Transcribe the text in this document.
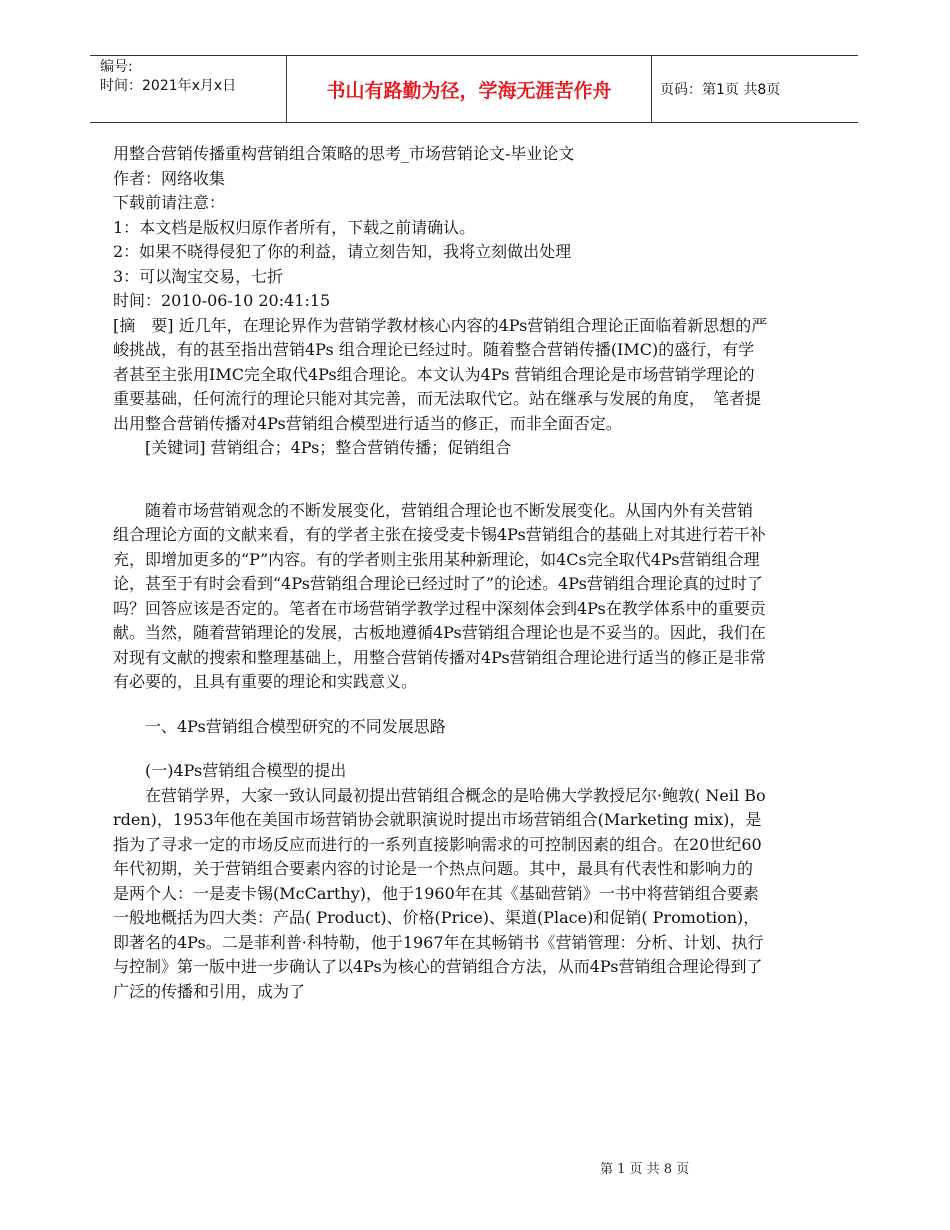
编号:
时间：2021年x月x日	书山有路勤为径，学海无涯苦作舟	页码：第1页 共8页

用整合营销传播重构营销组合策略的思考_市场营销论文-毕业论文

作者：网络收集

下载前请注意：

1：本文档是版权归原作者所有，下载之前请确认。

2：如果不晓得侵犯了你的利益，请立刻告知，我将立刻做出处理

3：可以淘宝交易，七折

时间：2010-06-10 20:41:15

[摘　要] 近几年，在理论界作为营销学教材核心内容的4Ps营销组合理论正面临着新思想的严峻挑战，有的甚至指出营销4Ps 组合理论已经过时。随着整合营销传播(IMC)的盛行，有学者甚至主张用IMC完全取代4Ps组合理论。本文认为4Ps 营销组合理论是市场营销学理论的重要基础，任何流行的理论只能对其完善，而无法取代它。站在继承与发展的角度，　笔者提出用整合营销传播对4Ps营销组合模型进行适当的修正，而非全面否定。

[关键词] 营销组合；4Ps；整合营销传播；促销组合

随着市场营销观念的不断发展变化，营销组合理论也不断发展变化。从国内外有关营销组合理论方面的文献来看，有的学者主张在接受麦卡锡4Ps营销组合的基础上对其进行若干补充，即增加更多的“P”内容。有的学者则主张用某种新理论，如4Cs完全取代4Ps营销组合理论，甚至于有时会看到“4Ps营销组合理论已经过时了”的论述。4Ps营销组合理论真的过时了吗？回答应该是否定的。笔者在市场营销学教学过程中深刻体会到4Ps在教学体系中的重要贡献。当然，随着营销理论的发展，古板地遵循4Ps营销组合理论也是不妥当的。因此，我们在对现有文献的搜索和整理基础上，用整合营销传播对4Ps营销组合理论进行适当的修正是非常有必要的，且具有重要的理论和实践意义。

一、4Ps营销组合模型研究的不同发展思路

(一)4Ps营销组合模型的提出

在营销学界，大家一致认同最初提出营销组合概念的是哈佛大学教授尼尔·鲍敦( Neil Borden)，1953年他在美国市场营销协会就职演说时提出市场营销组合(Marketing mix)，是指为了寻求一定的市场反应而进行的一系列直接影响需求的可控制因素的组合。在20世纪60年代初期，关于营销组合要素内容的讨论是一个热点问题。其中，最具有代表性和影响力的是两个人：一是麦卡锡(McCarthy)，他于1960年在其《基础营销》一书中将营销组合要素一般地概括为四大类：产品( Product)、价格(Price)、渠道(Place)和促销( Promotion)，即著名的4Ps。二是菲利普·科特勒，他于1967年在其畅销书《营销管理：分析、计划、执行与控制》第一版中进一步确认了以4Ps为核心的营销组合方法，从而4Ps营销组合理论得到了广泛的传播和引用，成为了

第 1 页 共 8 页
